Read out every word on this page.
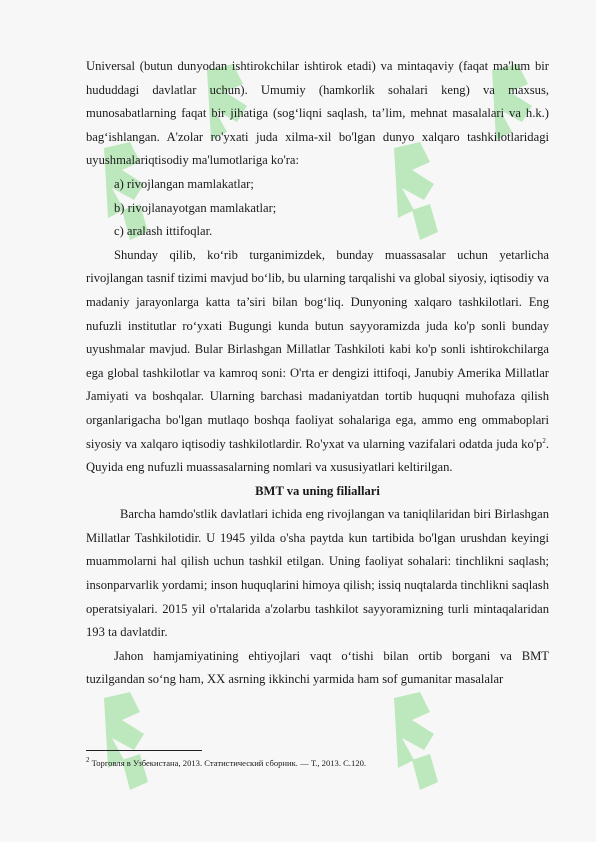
Universal (butun dunyodan ishtirokchilar ishtirok etadi) va mintaqaviy (faqat ma'lum bir hududdagi davlatlar uchun). Umumiy (hamkorlik sohalari keng) va maxsus, munosabatlarning faqat bir jihatiga (sog‘liqni saqlash, ta’lim, mehnat masalalari va h.k.) bag‘ishlangan. A'zolar ro'yxati juda xilma-xil bo'lgan dunyo xalqaro tashkilotlaridagi uyushmalariqtisodiy ma'lumotlariga ko'ra:

a) rivojlangan mamlakatlar;

b) rivojlanayotgan mamlakatlar;

c) aralash ittifoqlar.

Shunday qilib, ko‘rib turganimizdek, bunday muassasalar uchun yetarlicha rivojlangan tasnif tizimi mavjud bo‘lib, bu ularning tarqalishi va global siyosiy, iqtisodiy va madaniy jarayonlarga katta ta’siri bilan bog‘liq. Dunyoning xalqaro tashkilotlari. Eng nufuzli institutlar ro‘yxati Bugungi kunda butun sayyoramizda juda ko'p sonli bunday uyushmalar mavjud. Bular Birlashgan Millatlar Tashkiloti kabi ko'p sonli ishtirokchilarga ega global tashkilotlar va kamroq soni: O'rta er dengizi ittifoqi, Janubiy Amerika Millatlar Jamiyati va boshqalar. Ularning barchasi madaniyatdan tortib huquqni muhofaza qilish organlarigacha bo'lgan mutlaqo boshqa faoliyat sohalariga ega, ammo eng ommaboplari siyosiy va xalqaro iqtisodiy tashkilotlardir. Ro'yxat va ularning vazifalari odatda juda $ko'p^2$. Quyida eng nufuzli muassasalarning nomlari va xususiyatlari keltirilgan.

BMT va uning filiallari

Barcha hamdo'stlik davlatlari ichida eng rivojlangan va taniqlilaridan biri Birlashgan Millatlar Tashkilotidir. U 1945 yilda o'sha paytda kun tartibida bo'lgan urushdan keyingi muammolarni hal qilish uchun tashkil etilgan. Uning faoliyat sohalari: tinchlikni saqlash; insonparvarlik yordami; inson huquqlarini himoya qilish; issiq nuqtalarda tinchlikni saqlash operatsiyalari. 2015 yil o'rtalarida a'zolarbu tashkilot sayyoramizning turli mintaqalaridan 193 ta davlatdir.

Jahon hamjamiyatining ehtiyojlari vaqt o‘tishi bilan ortib borgani va BMT tuzilgandan so‘ng ham, XX asrning ikkinchi yarmida ham sof gumanitar masalalar

$^2$ Торговля в Узбекистана, 2013. Статистический сборник. — Т., 2013. С.120.
